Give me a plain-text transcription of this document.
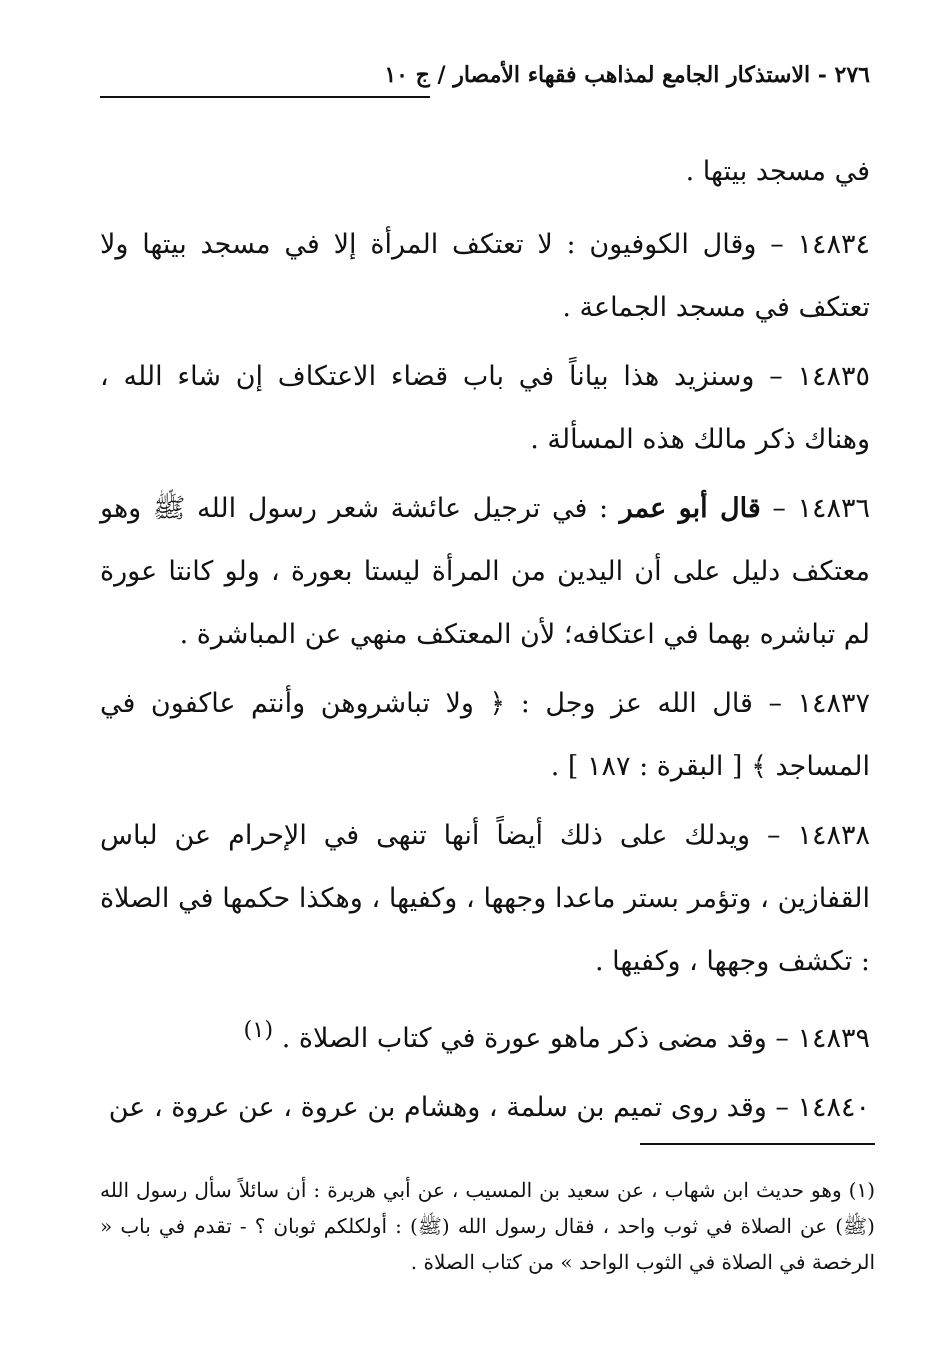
٢٧٦ - الاستذكار الجامع لمذاهب فقهاء الأمصار / ج ١٠

في مسجد بيتها .

١٤٨٣٤ – وقال الكوفيون : لا تعتكف المرأة إلا في مسجد بيتها ولا تعتكف في مسجد الجماعة .

١٤٨٣٥ – وسنزيد هذا بياناً في باب قضاء الاعتكاف إن شاء الله ، وهناك ذكر مالك هذه المسألة .

١٤٨٣٦ – قال أبو عمر : في ترجيل عائشة شعر رسول الله ﷺ وهو معتكف دليل على أن اليدين من المرأة ليستا بعورة ، ولو كانتا عورة لم تباشره بهما في اعتكافه؛ لأن المعتكف منهي عن المباشرة .

١٤٨٣٧ – قال الله عز وجل : ﴿ ولا تباشروهن وأنتم عاكفون في المساجد ﴾ [ البقرة : ١٨٧ ] .

١٤٨٣٨ – ويدلك على ذلك أيضاً أنها تنهى في الإحرام عن لباس القفازين ، وتؤمر بستر ماعدا وجهها ، وكفيها ، وهكذا حكمها في الصلاة : تكشف وجهها ، وكفيها .

١٤٨٣٩ – وقد مضى ذكر ماهو عورة في كتاب الصلاة . $^{(١)}$

١٤٨٤٠ – وقد روى تميم بن سلمة ، وهشام بن عروة ، عن عروة ، عن

(١) وهو حديث ابن شهاب ، عن سعيد بن المسيب ، عن أبي هريرة : أن سائلاً سأل رسول الله (ﷺ) عن الصلاة في ثوب واحد ، فقال رسول الله (ﷺ) : أولكلكم ثوبان ؟ - تقدم في باب « الرخصة في الصلاة في الثوب الواحد » من كتاب الصلاة .
